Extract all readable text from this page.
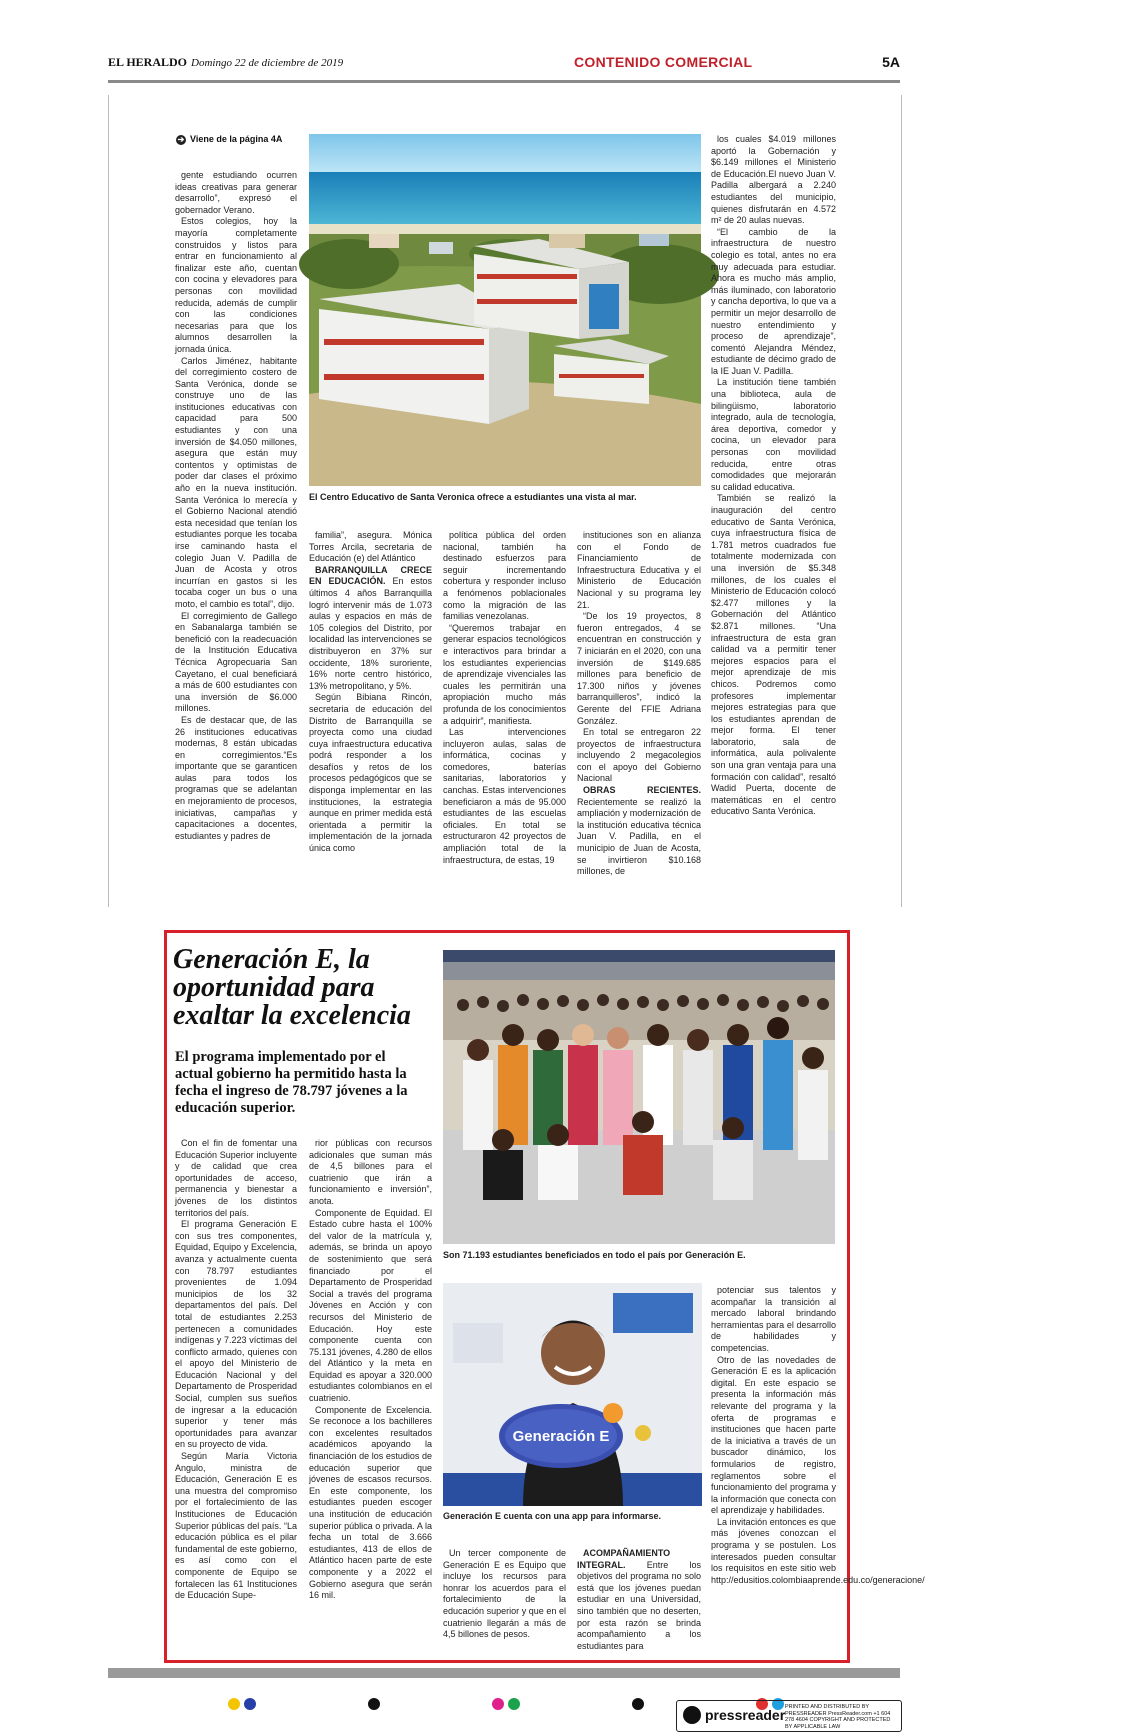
EL HERALDO Domingo 22 de diciembre de 2019	CONTENIDO COMERCIAL	5A
➔ Viene de la página 4A

gente estudiando ocurren ideas creativas para generar desarrollo”, expresó el gobernador Verano.

Estos colegios, hoy la mayoría completamente construidos y listos para entrar en funcionamiento al finalizar este año, cuentan con cocina y elevadores para personas con movilidad reducida, además de cumplir con las condiciones necesarias para que los alumnos desarrollen la jornada única.

Carlos Jiménez, habitante del corregimiento costero de Santa Verónica, donde se construye uno de las instituciones educativas con capacidad para 500 estudiantes y con una inversión de $4.050 millones, asegura que están muy contentos y optimistas de poder dar clases el próximo año en la nueva institución. Santa Verónica lo merecía y el Gobierno Nacional atendió esta necesidad que tenían los estudiantes porque les tocaba irse caminando hasta el colegio Juan V. Padilla de Juan de Acosta y otros incurrían en gastos si les tocaba coger un bus o una moto, el cambio es total”, dijo.

El corregimiento de Gallego en Sabanalarga también se benefició con la readecuación de la Institución Educativa Técnica Agropecuaria San Cayetano, el cual beneficiará a más de 600 estudiantes con una inversión de $6.000 millones.

Es de destacar que, de las 26 instituciones educativas modernas, 8 están ubicadas en corregimientos.“Es importante que se garanticen aulas para todos los programas que se adelantan en mejoramiento de procesos, iniciativas, campañas y capacitaciones a docentes, estudiantes y padres de

El Centro Educativo de Santa Veronica ofrece a estudiantes una vista al mar.

familia”, asegura. Mónica Torres Arcila, secretaria de Educación (e) del Atlántico

BARRANQUILLA CRECE EN EDUCACIÓN. En estos últimos 4 años Barranquilla logró intervenir más de 1.073 aulas y espacios en más de 105 colegios del Distrito, por localidad las intervenciones se distribuyeron en 37% sur occidente, 18% suroriente, 16% norte centro histórico, 13% metropolitano, y 5%.

Según Bibiana Rincón, secretaria de educación del Distrito de Barranquilla se proyecta como una ciudad cuya infraestructura educativa podrá responder a los desafíos y retos de los procesos pedagógicos que se disponga implementar en las instituciones, la estrategia aunque en primer medida está orientada a permitir la implementación de la jornada única como

política pública del orden nacional, también ha destinado esfuerzos para seguir incrementando cobertura y responder incluso a fenómenos poblacionales como la migración de las familias venezolanas.

“Queremos trabajar en generar espacios tecnológicos e interactivos para brindar a los estudiantes experiencias de aprendizaje vivenciales las cuales les permitirán una apropiación mucho más profunda de los conocimientos a adquirir”, manifiesta.

Las intervenciones incluyeron aulas, salas de informática, cocinas y comedores, baterías sanitarias, laboratorios y canchas. Estas intervenciones beneficiaron a más de 95.000 estudiantes de las escuelas oficiales. En total se estructuraron 42 proyectos de ampliación total de la infraestructura, de estas, 19

instituciones son en alianza con el Fondo de Financiamiento de Infraestructura Educativa y el Ministerio de Educación Nacional y su programa ley 21.

“De los 19 proyectos, 8 fueron entregados, 4 se encuentran en construcción y 7 iniciarán en el 2020, con una inversión de $149.685 millones para beneficio de 17.300 niños y jóvenes barranquilleros”, indicó la Gerente del FFIE Adriana González.

En total se entregaron 22 proyectos de infraestructura incluyendo 2 megacolegios con el apoyo del Gobierno Nacional

OBRAS RECIENTES. Recientemente se realizó la ampliación y modernización de la institución educativa técnica Juan V. Padilla, en el municipio de Juan de Acosta, se invirtieron $10.168 millones, de

los cuales $4.019 millones aportó la Gobernación y $6.149 millones el Ministerio de Educación.El nuevo Juan V. Padilla albergará a 2.240 estudiantes del municipio, quienes disfrutarán en 4.572 m² de 20 aulas nuevas.

“El cambio de la infraestructura de nuestro colegio es total, antes no era muy adecuada para estudiar. Ahora es mucho más amplio, más iluminado, con laboratorio y cancha deportiva, lo que va a permitir un mejor desarrollo de nuestro entendimiento y proceso de aprendizaje”, comentó Alejandra Méndez, estudiante de décimo grado de la IE Juan V. Padilla.

La institución tiene también una biblioteca, aula de bilingüismo, laboratorio integrado, aula de tecnología, área deportiva, comedor y cocina, un elevador para personas con movilidad reducida, entre otras comodidades que mejorarán su calidad educativa.

También se realizó la inauguración del centro educativo de Santa Verónica, cuya infraestructura física de 1.781 metros cuadrados fue totalmente modernizada con una inversión de $5.348 millones, de los cuales el Ministerio de Educación colocó $2.477 millones y la Gobernación del Atlántico $2.871 millones. “Una infraestructura de esta gran calidad va a permitir tener mejores espacios para el mejor aprendizaje de mis chicos. Podremos como profesores implementar mejores estrategias para que los estudiantes aprendan de mejor forma. El tener laboratorio, sala de informática, aula polivalente son una gran ventaja para una formación con calidad”, resaltó Wadid Puerta, docente de matemáticas en el centro educativo Santa Verónica.

Generación E, la oportunidad para exaltar la excelencia
El programa implementado por el actual gobierno ha permitido hasta la fecha el ingreso de 78.797 jóvenes a la educación superior.

Con el fin de fomentar una Educación Superior incluyente y de calidad que crea oportunidades de acceso, permanencia y bienestar a jóvenes de los distintos territorios del país.

El programa Generación E con sus tres componentes, Equidad, Equipo y Excelencia, avanza y actualmente cuenta con 78.797 estudiantes provenientes de 1.094 municipios de los 32 departamentos del país. Del total de estudiantes 2.253 pertenecen a comunidades indígenas y 7.223 víctimas del conflicto armado, quienes con el apoyo del Ministerio de Educación Nacional y del Departamento de Prosperidad Social, cumplen sus sueños de ingresar a la educación superior y tener más oportunidades para avanzar en su proyecto de vida.

Según María Victoria Angulo, ministra de Educación, Generación E es una muestra del compromiso por el fortalecimiento de las Instituciones de Educación Superior públicas del país. “La educación pública es el pilar fundamental de este gobierno, es así como con el componente de Equipo se fortalecen las 61 Instituciones de Educación Supe-

rior públicas con recursos adicionales que suman más de 4,5 billones para el cuatrienio que irán a funcionamiento e inversión”, anota.

Componente de Equidad. El Estado cubre hasta el 100% del valor de la matrícula y, además, se brinda un apoyo de sostenimiento que será financiado por el Departamento de Prosperidad Social a través del programa Jóvenes en Acción y con recursos del Ministerio de Educación. Hoy este componente cuenta con 75.131 jóvenes, 4.280 de ellos del Atlántico y la meta en Equidad es apoyar a 320.000 estudiantes colombianos en el cuatrienio.

Componente de Excelencia. Se reconoce a los bachilleres con excelentes resultados académicos apoyando la financiación de los estudios de educación superior que jóvenes de escasos recursos. En este componente, los estudiantes pueden escoger una institución de educación superior pública o privada. A la fecha un total de 3.666 estudiantes, 413 de ellos de Atlántico hacen parte de este componente y a 2022 el Gobierno asegura que serán 16 mil.

Son 71.193 estudiantes beneficiados en todo el país por Generación E.
Generación E
Generación E cuenta con una app para informarse.

Un tercer componente de Generación E es Equipo que incluye los recursos para honrar los acuerdos para el fortalecimiento de la educación superior y que en el cuatrienio llegarán a más de 4,5 billones de pesos.

ACOMPAÑAMIENTO INTEGRAL. Entre los objetivos del programa no solo está que los jóvenes puedan estudiar en una Universidad, sino también que no deserten, por esta razón se brinda acompañamiento a los estudiantes para

potenciar sus talentos y acompañar la transición al mercado laboral brindando herramientas para el desarrollo de habilidades y competencias.

Otro de las novedades de Generación E es la aplicación digital. En este espacio se presenta la información más relevante del programa y la oferta de programas e instituciones que hacen parte de la iniciativa a través de un buscador dinámico, los formularios de registro, reglamentos sobre el funcionamiento del programa y la información que conecta con el aprendizaje y habilidades.

La invitación entonces es que más jóvenes conozcan el programa y se postulen. Los interesados pueden consultar los requisitos en este sitio web http://edusitios.colombiaaprende.edu.co/generacione/

pressreader PRINTED AND DISTRIBUTED BY PRESSREADER PressReader.com +1 604 278 4604 COPYRIGHT AND PROTECTED BY APPLICABLE LAW
